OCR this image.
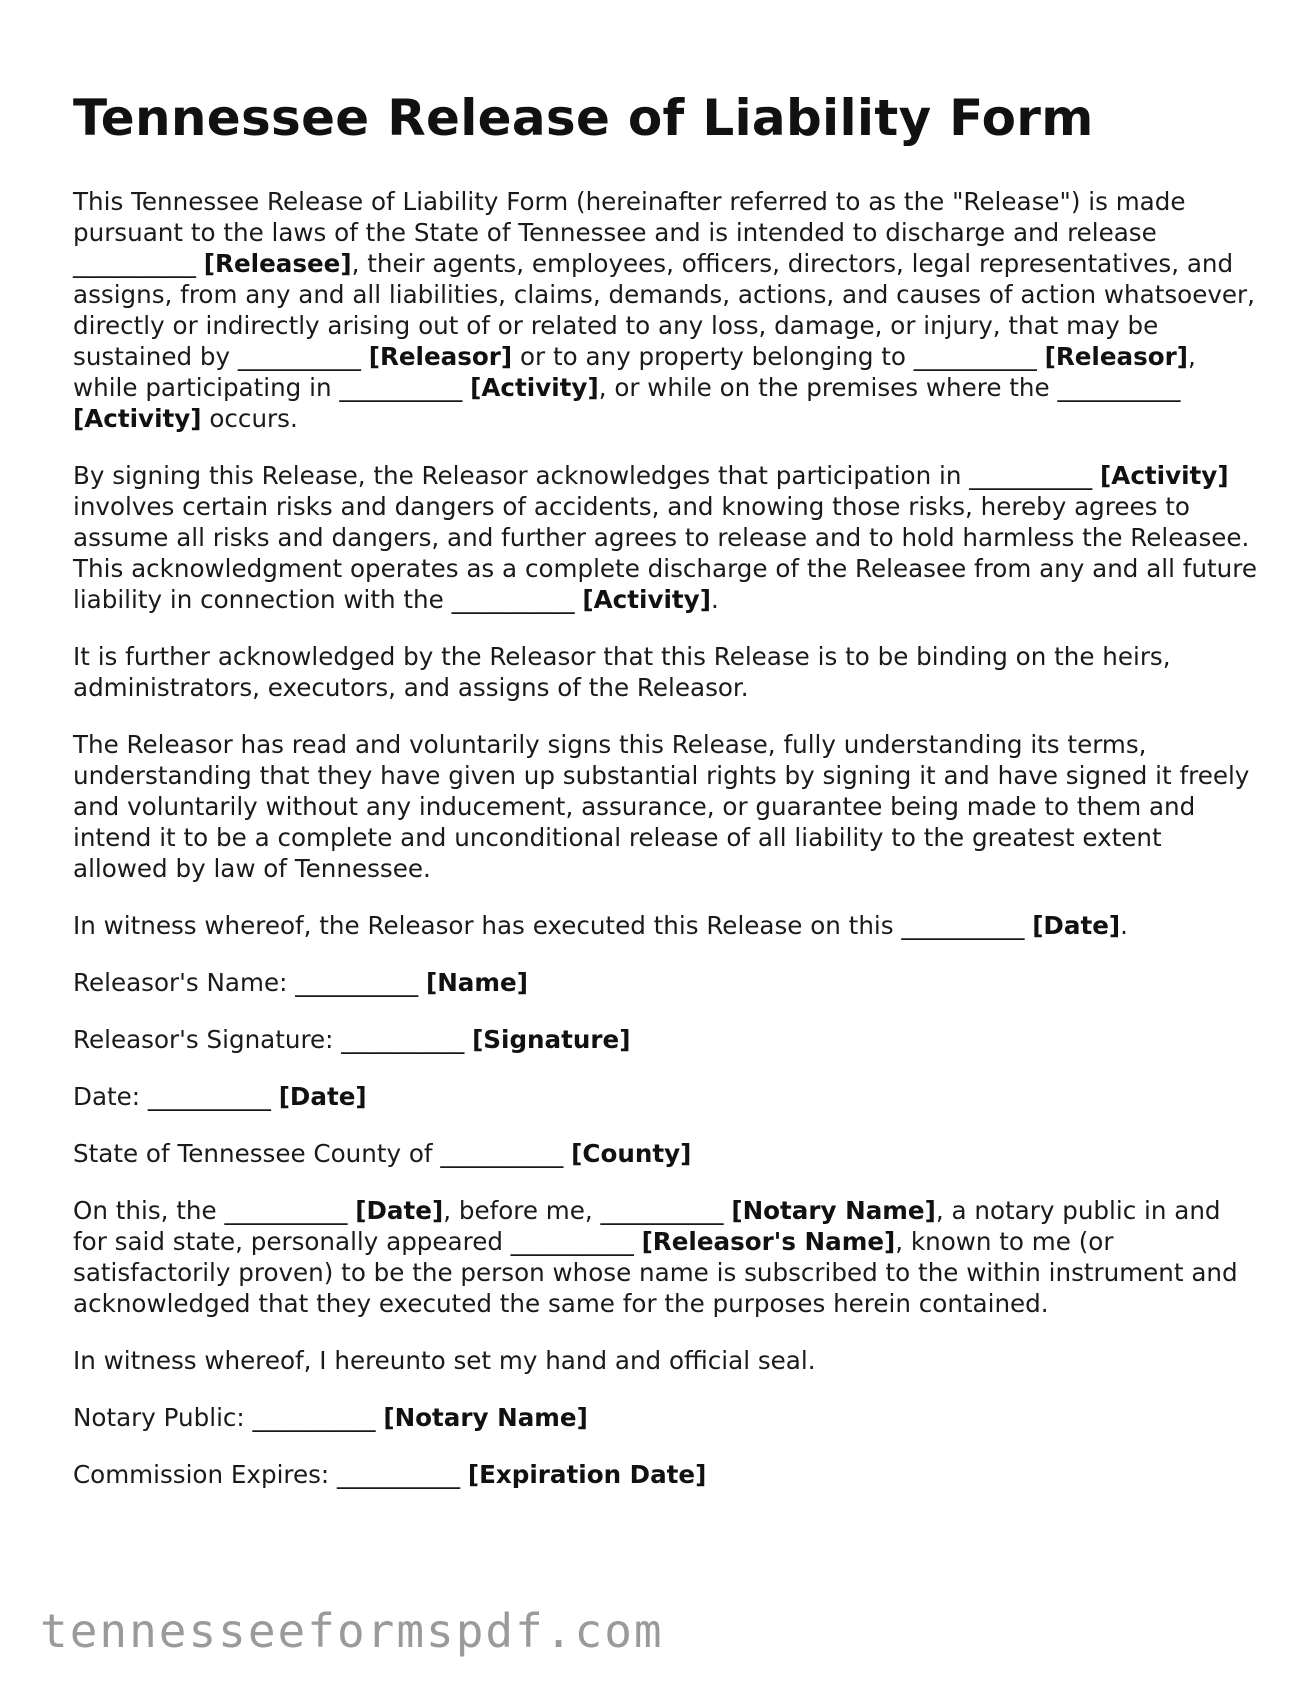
Tennessee Release of Liability Form

This Tennessee Release of Liability Form (hereinafter referred to as the "Release") is made pursuant to the laws of the State of Tennessee and is intended to discharge and release __________ [Releasee], their agents, employees, officers, directors, legal representatives, and assigns, from any and all liabilities, claims, demands, actions, and causes of action whatsoever, directly or indirectly arising out of or related to any loss, damage, or injury, that may be sustained by __________ [Releasor] or to any property belonging to __________ [Releasor], while participating in __________ [Activity], or while on the premises where the __________ [Activity] occurs.

By signing this Release, the Releasor acknowledges that participation in __________ [Activity] involves certain risks and dangers of accidents, and knowing those risks, hereby agrees to assume all risks and dangers, and further agrees to release and to hold harmless the Releasee. This acknowledgment operates as a complete discharge of the Releasee from any and all future liability in connection with the __________ [Activity].

It is further acknowledged by the Releasor that this Release is to be binding on the heirs, administrators, executors, and assigns of the Releasor.

The Releasor has read and voluntarily signs this Release, fully understanding its terms, understanding that they have given up substantial rights by signing it and have signed it freely and voluntarily without any inducement, assurance, or guarantee being made to them and intend it to be a complete and unconditional release of all liability to the greatest extent allowed by law of Tennessee.

In witness whereof, the Releasor has executed this Release on this __________ [Date].

Releasor's Name: __________ [Name]

Releasor's Signature: __________ [Signature]

Date: __________ [Date]

State of Tennessee County of __________ [County]

On this, the __________ [Date], before me, __________ [Notary Name], a notary public in and for said state, personally appeared __________ [Releasor's Name], known to me (or satisfactorily proven) to be the person whose name is subscribed to the within instrument and acknowledged that they executed the same for the purposes herein contained.

In witness whereof, I hereunto set my hand and official seal.

Notary Public: __________ [Notary Name]

Commission Expires: __________ [Expiration Date]

tennesseeformspdf.com
